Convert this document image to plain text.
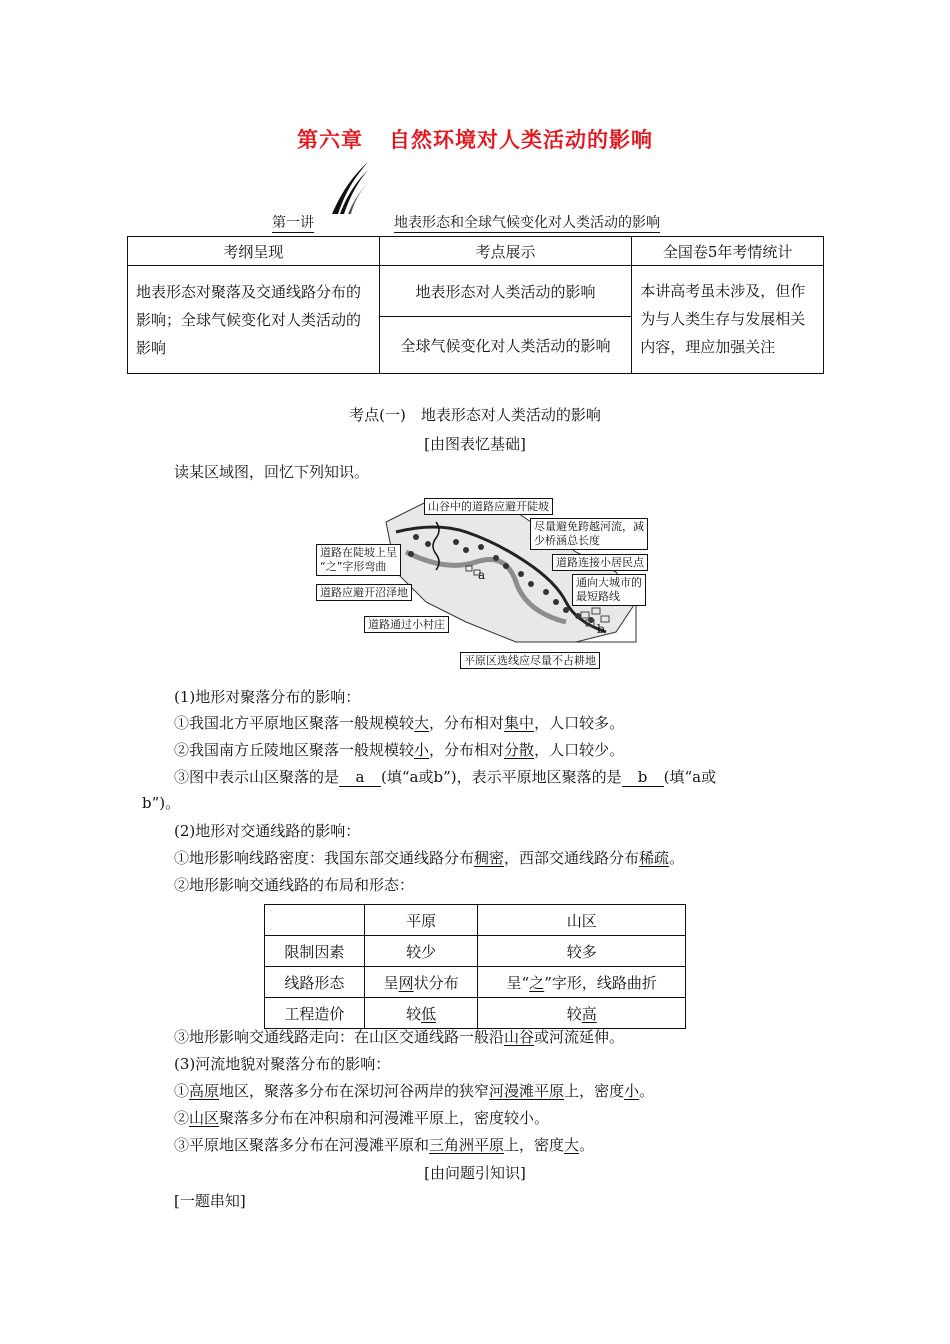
第六章 自然环境对人类活动的影响
第一讲	地表形态和全球气候变化对人类活动的影响
考纲呈现	考点展示	全国卷5年考情统计
地表形态对聚落及交通线路分布的影响；全球气候变化对人类活动的影响	地表形态对人类活动的影响	本讲高考虽未涉及，但作为与人类生存与发展相关内容，理应加强关注
	全球气候变化对人类活动的影响	
考点(一)　地表形态对人类活动的影响
[由图表忆基础]
读某区域图，回忆下列知识。
山谷中的道路应避开陡坡
尽量避免跨越河流，减
少桥涵总长度
道路连接小居民点
通向大城市的
最短路线
道路在陡坡上呈
“之”字形弯曲
道路应避开沼泽地
道路通过小村庄
平原区选线应尽量不占耕地
a
b
(1)地形对聚落分布的影响：
①我国北方平原地区聚落一般规模较大，分布相对集中，人口较多。
②我国南方丘陵地区聚落一般规模较小，分布相对分散，人口较少。
③图中表示山区聚落的是 a (填“a或b”)，表示平原地区聚落的是 b (填“a或
b”)。
(2)地形对交通线路的影响：
①地形影响线路密度：我国东部交通线路分布稠密，西部交通线路分布稀疏。
②地形影响交通线路的布局和形态：
	平原	山区
限制因素	较少	较多
线路形态	呈网状分布	呈“之”字形，线路曲折
工程造价	较低	较高
③地形影响交通线路走向：在山区交通线路一般沿山谷或河流延伸。
(3)河流地貌对聚落分布的影响：
①高原地区，聚落多分布在深切河谷两岸的狭窄河漫滩平原上，密度小。
②山区聚落多分布在冲积扇和河漫滩平原上，密度较小。
③平原地区聚落多分布在河漫滩平原和三角洲平原上，密度大。
[由问题引知识]
[一题串知]
